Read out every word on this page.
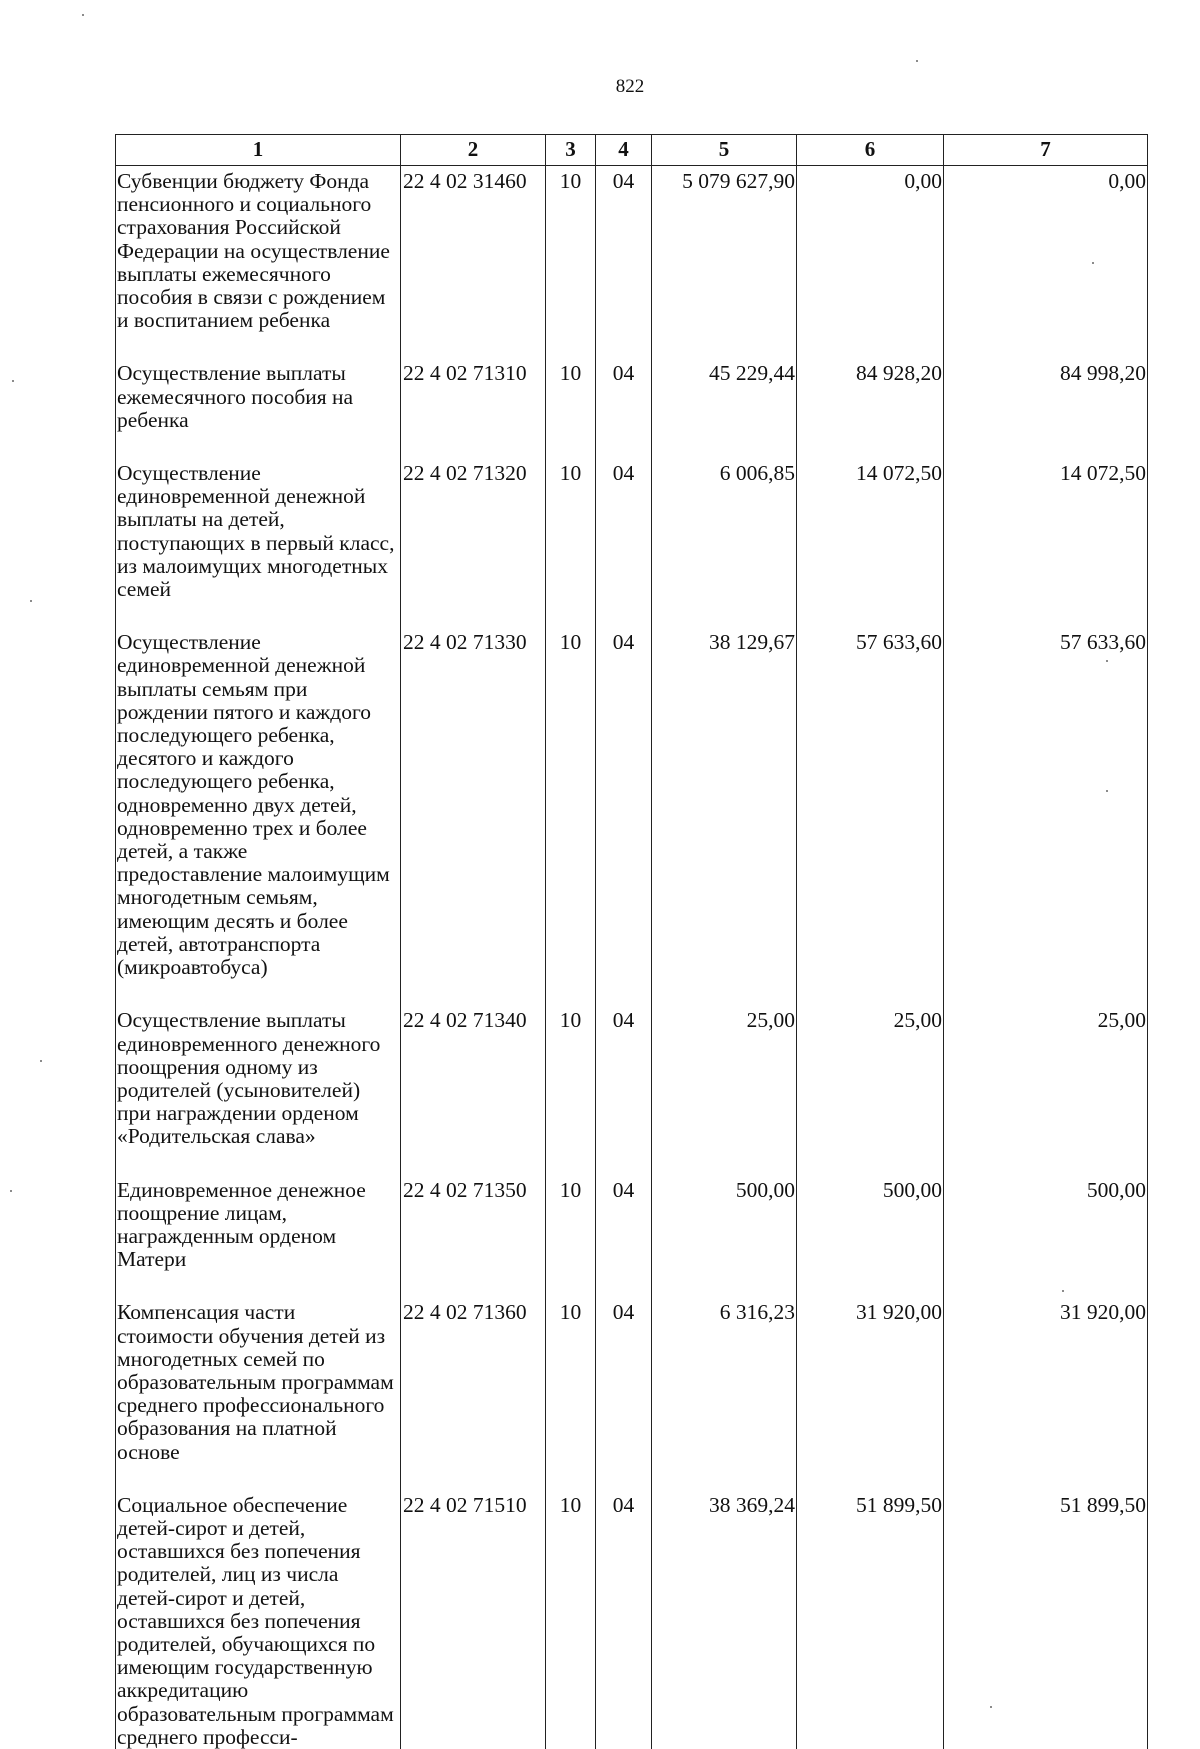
822
1	2	3	4	5	6	7
Субвенции бюджету Фонда пенсионного и социального страхования Российской Федерации на осуществление выплаты ежемесячного пособия в связи с рождением и воспитанием ребенка	22 4 02 31460	10	04	5 079 627,90	0,00	0,00
Осуществление выплаты ежемесячного пособия на ребенка	22 4 02 71310	10	04	45 229,44	84 928,20	84 998,20
Осуществление единовременной денежной выплаты на детей, поступающих в первый класс, из малоимущих многодетных семей	22 4 02 71320	10	04	6 006,85	14 072,50	14 072,50
Осуществление единовременной денежной выплаты семьям при рождении пятого и каждого последующего ребенка, десятого и каждого последующего ребенка, одновременно двух детей, одновременно трех и более детей, а также предоставление малоимущим многодетным семьям, имеющим десять и более детей, автотранспорта (микроавтобуса)	22 4 02 71330	10	04	38 129,67	57 633,60	57 633,60
Осуществление выплаты единовременного денежного поощрения одному из родителей (усыновителей) при награждении орденом «Родительская слава»	22 4 02 71340	10	04	25,00	25,00	25,00
Единовременное денежное поощрение лицам, награжденным орденом Матери	22 4 02 71350	10	04	500,00	500,00	500,00
Компенсация части стоимости обучения детей из многодетных семей по образовательным программам среднего профессионального образования на платной основе	22 4 02 71360	10	04	6 316,23	31 920,00	31 920,00
Социальное обеспечение детей-сирот и детей, оставшихся без попечения родителей, лиц из числа детей-сирот и детей, оставшихся без попечения родителей, обучающихся по имеющим государственную аккредитацию образовательным программам среднего професси-	22 4 02 71510	10	04	38 369,24	51 899,50	51 899,50
